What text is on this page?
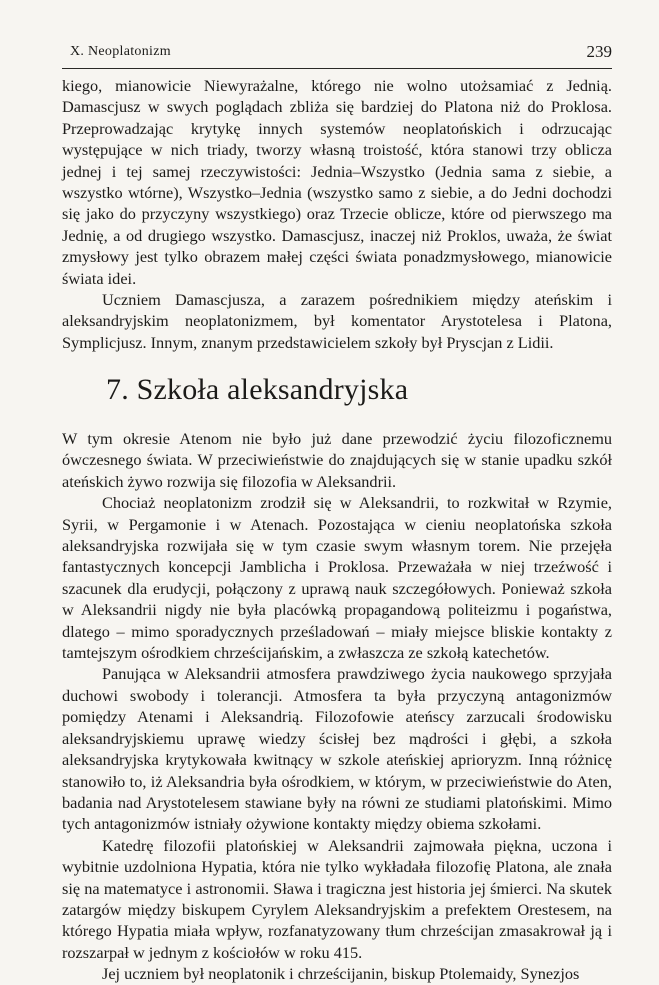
X. Neoplatonizm	239

kiego, mianowicie Niewyrażalne, którego nie wolno utożsamiać z Jednią. Damascjusz w swych poglądach zbliża się bardziej do Platona niż do Proklosa. Przeprowadzając krytykę innych systemów neoplatońskich i odrzucając występujące w nich triady, tworzy własną troistość, która stanowi trzy oblicza jednej i tej samej rzeczywistości: Jednia–Wszystko (Jednia sama z siebie, a wszystko wtórne), Wszystko–Jednia (wszystko samo z siebie, a do Jedni dochodzi się jako do przyczyny wszystkiego) oraz Trzecie oblicze, które od pierwszego ma Jednię, a od drugiego wszystko. Damascjusz, inaczej niż Proklos, uważa, że świat zmysłowy jest tylko obrazem małej części świata ponadzmysłowego, mianowicie świata idei.

Uczniem Damascjusza, a zarazem pośrednikiem między ateńskim i aleksandryjskim neoplatonizmem, był komentator Arystotelesa i Platona, Symplicjusz. Innym, znanym przedstawicielem szkoły był Pryscjan z Lidii.

7. Szkoła aleksandryjska

W tym okresie Atenom nie było już dane przewodzić życiu filozoficznemu ówczesnego świata. W przeciwieństwie do znajdujących się w stanie upadku szkół ateńskich żywo rozwija się filozofia w Aleksandrii.

Chociaż neoplatonizm zrodził się w Aleksandrii, to rozkwitał w Rzymie, Syrii, w Pergamonie i w Atenach. Pozostająca w cieniu neoplatońska szkoła aleksandryjska rozwijała się w tym czasie swym własnym torem. Nie przejęła fantastycznych koncepcji Jamblicha i Proklosa. Przeważała w niej trzeźwość i szacunek dla erudycji, połączony z uprawą nauk szczegółowych. Ponieważ szkoła w Aleksandrii nigdy nie była placówką propagandową politeizmu i pogaństwa, dlatego – mimo sporadycznych prześladowań – miały miejsce bliskie kontakty z tamtejszym ośrodkiem chrześcijańskim, a zwłaszcza ze szkołą katechetów.

Panująca w Aleksandrii atmosfera prawdziwego życia naukowego sprzyjała duchowi swobody i tolerancji. Atmosfera ta była przyczyną antagonizmów pomiędzy Atenami i Aleksandrią. Filozofowie ateńscy zarzucali środowisku aleksandryjskiemu uprawę wiedzy ścisłej bez mądrości i głębi, a szkoła aleksandryjska krytykowała kwitnący w szkole ateńskiej aprioryzm. Inną różnicę stanowiło to, iż Aleksandria była ośrodkiem, w którym, w przeciwieństwie do Aten, badania nad Arystotelesem stawiane były na równi ze studiami platońskimi. Mimo tych antagonizmów istniały ożywione kontakty między obiema szkołami.

Katedrę filozofii platońskiej w Aleksandrii zajmowała piękna, uczona i wybitnie uzdolniona Hypatia, która nie tylko wykładała filozofię Platona, ale znała się na matematyce i astronomii. Sława i tragiczna jest historia jej śmierci. Na skutek zatargów między biskupem Cyrylem Aleksandryjskim a prefektem Orestesem, na którego Hypatia miała wpływ, rozfanatyzowany tłum chrześcijan zmasakrował ją i rozszarpał w jednym z kościołów w roku 415.

Jej uczniem był neoplatonik i chrześcijanin, biskup Ptolemaidy, Synezjos
